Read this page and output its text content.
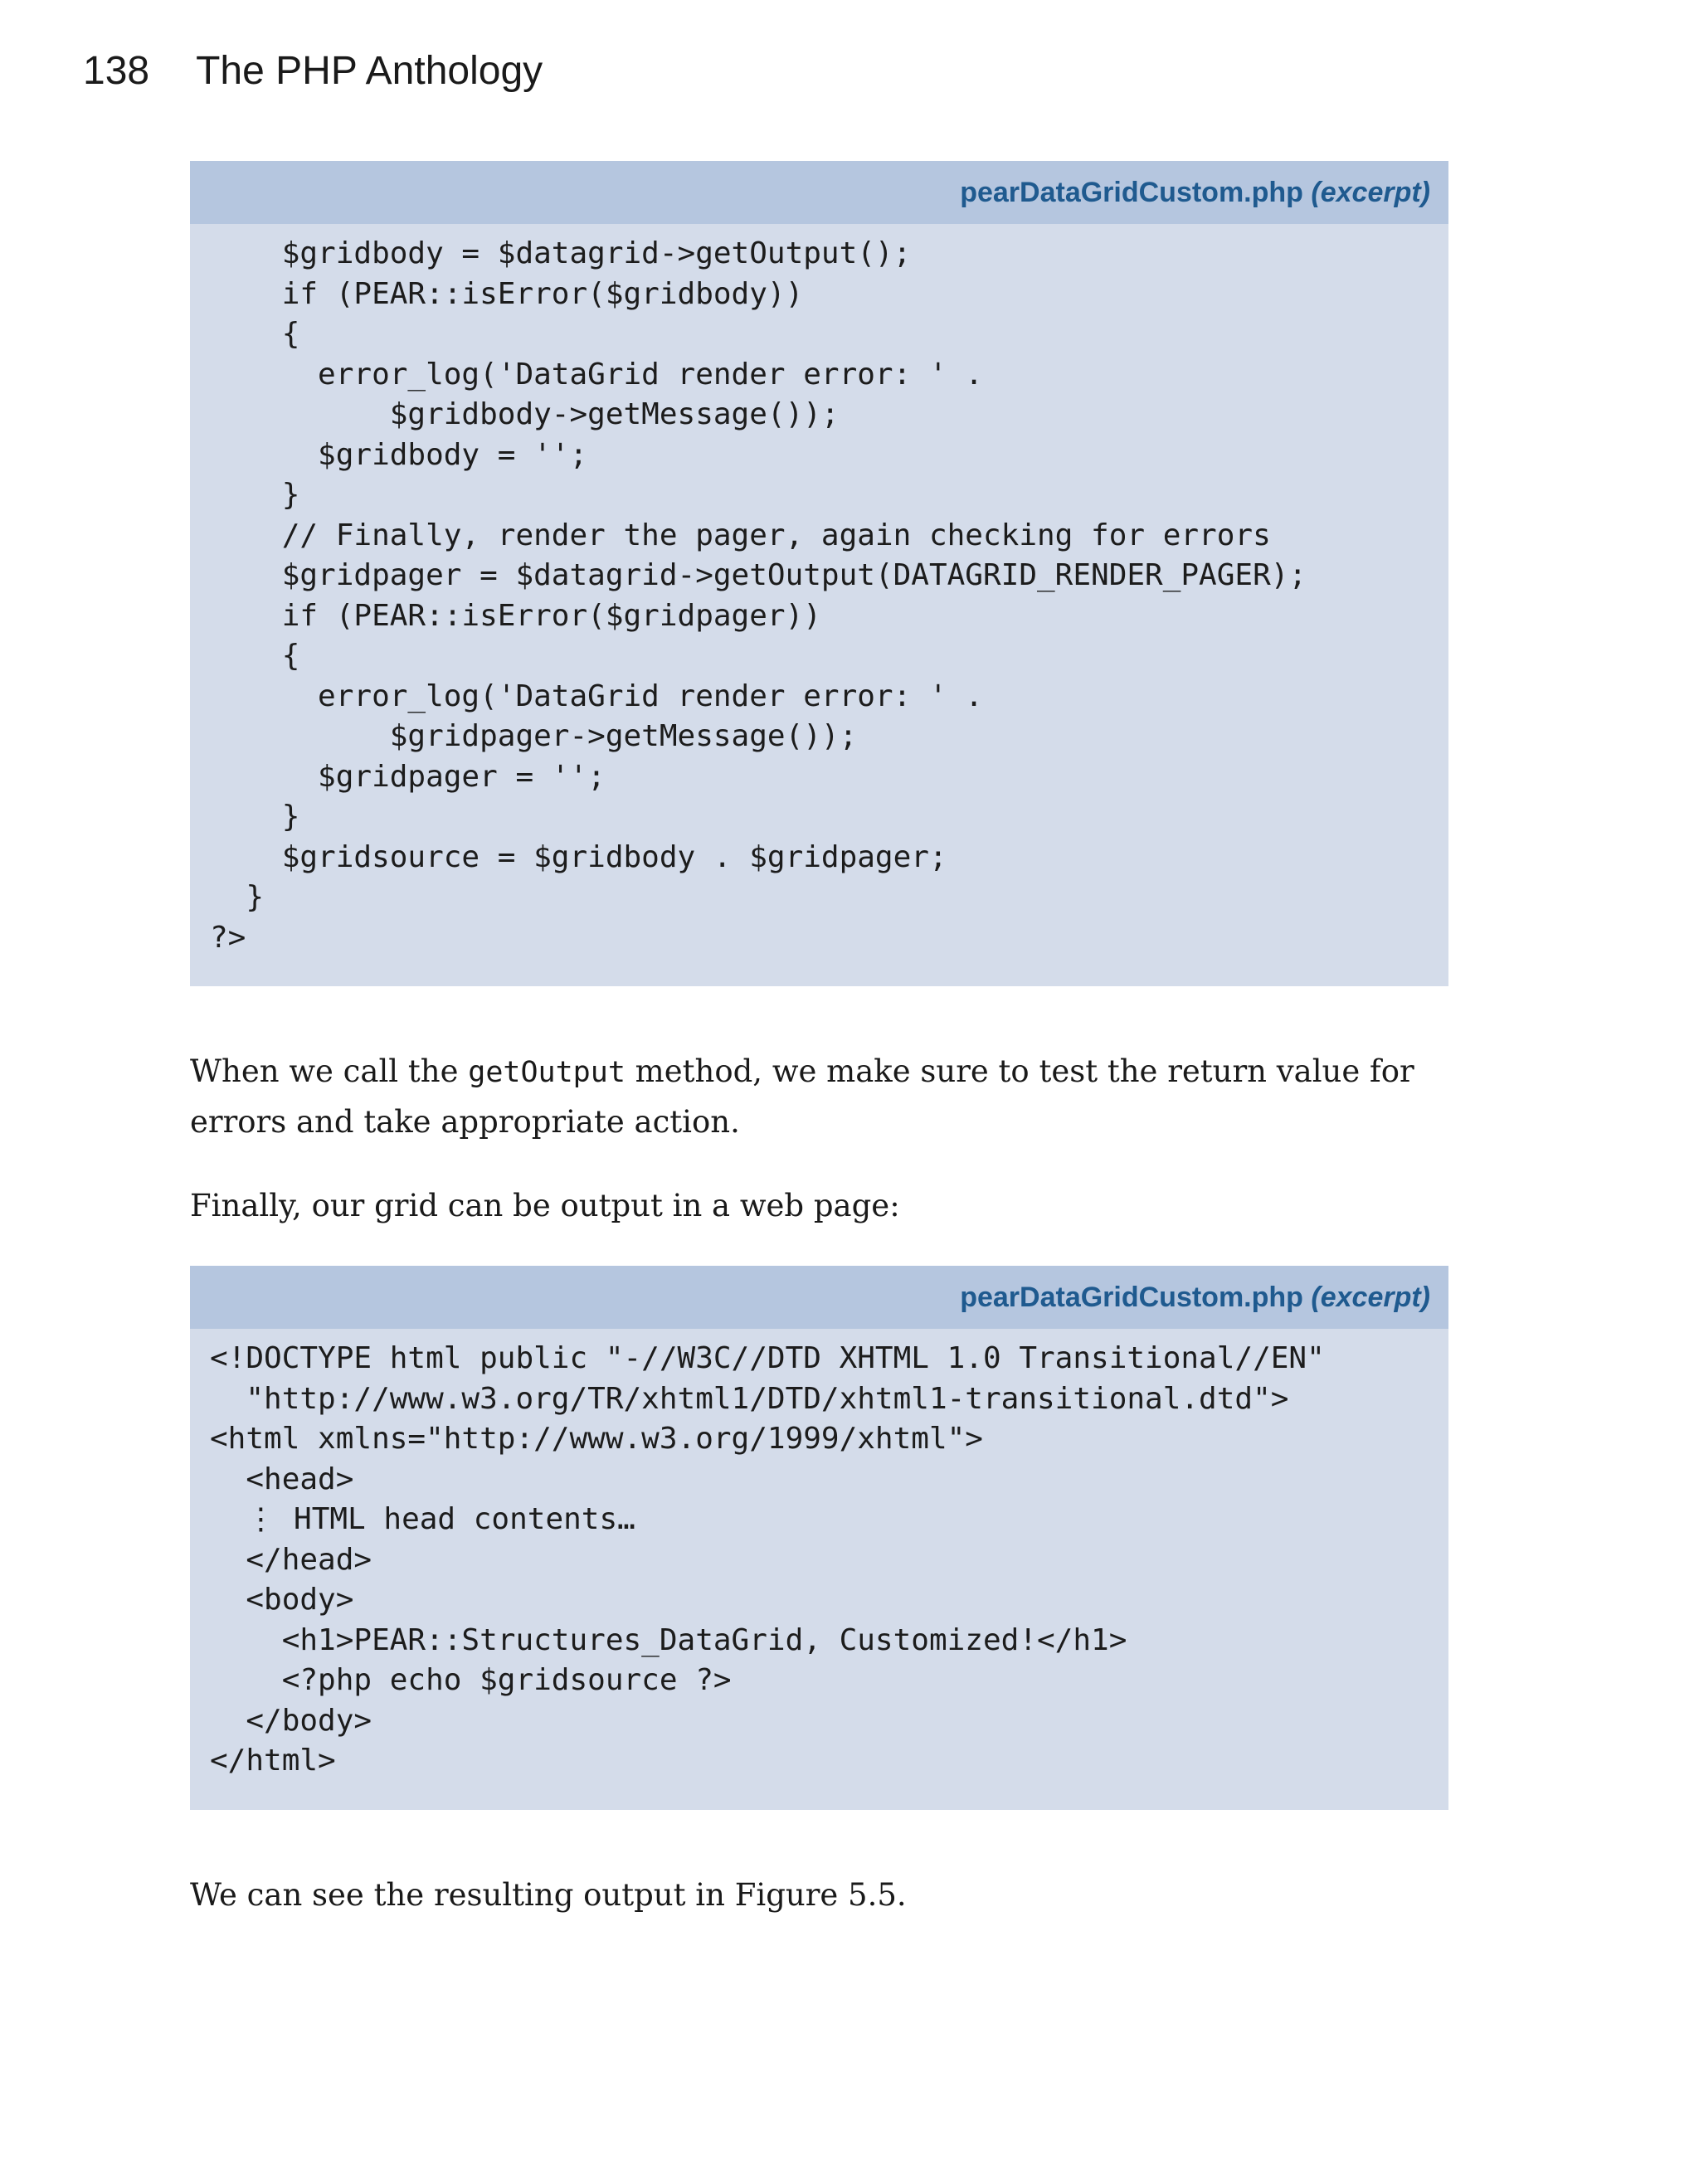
138 The PHP Anthology
pearDataGridCustom.php (excerpt)
$gridbody = $datagrid->getOutput();
if (PEAR::isError($gridbody))
{
error_log('DataGrid render error: ' .
$gridbody->getMessage());
$gridbody = '';
}
// Finally, render the pager, again checking for errors
$gridpager = $datagrid->getOutput(DATAGRID_RENDER_PAGER);
if (PEAR::isError($gridpager))
{
error_log('DataGrid render error: ' .
$gridpager->getMessage());
$gridpager = '';
}
$gridsource = $gridbody . $gridpager;
}
?>

When we call the getOutput method, we make sure to test the return value for errors and take appropriate action.

Finally, our grid can be output in a web page:

pearDataGridCustom.php (excerpt)
<!DOCTYPE html public "-//W3C//DTD XHTML 1.0 Transitional//EN"
"http://www.w3.org/TR/xhtml1/DTD/xhtml1-transitional.dtd">
<html xmlns="http://www.w3.org/1999/xhtml">
<head>
⋮ HTML head contents…
</head>
<body>
<h1>PEAR::Structures_DataGrid, Customized!</h1>
<?php echo $gridsource ?>
</body>
</html>

We can see the resulting output in Figure 5.5.
